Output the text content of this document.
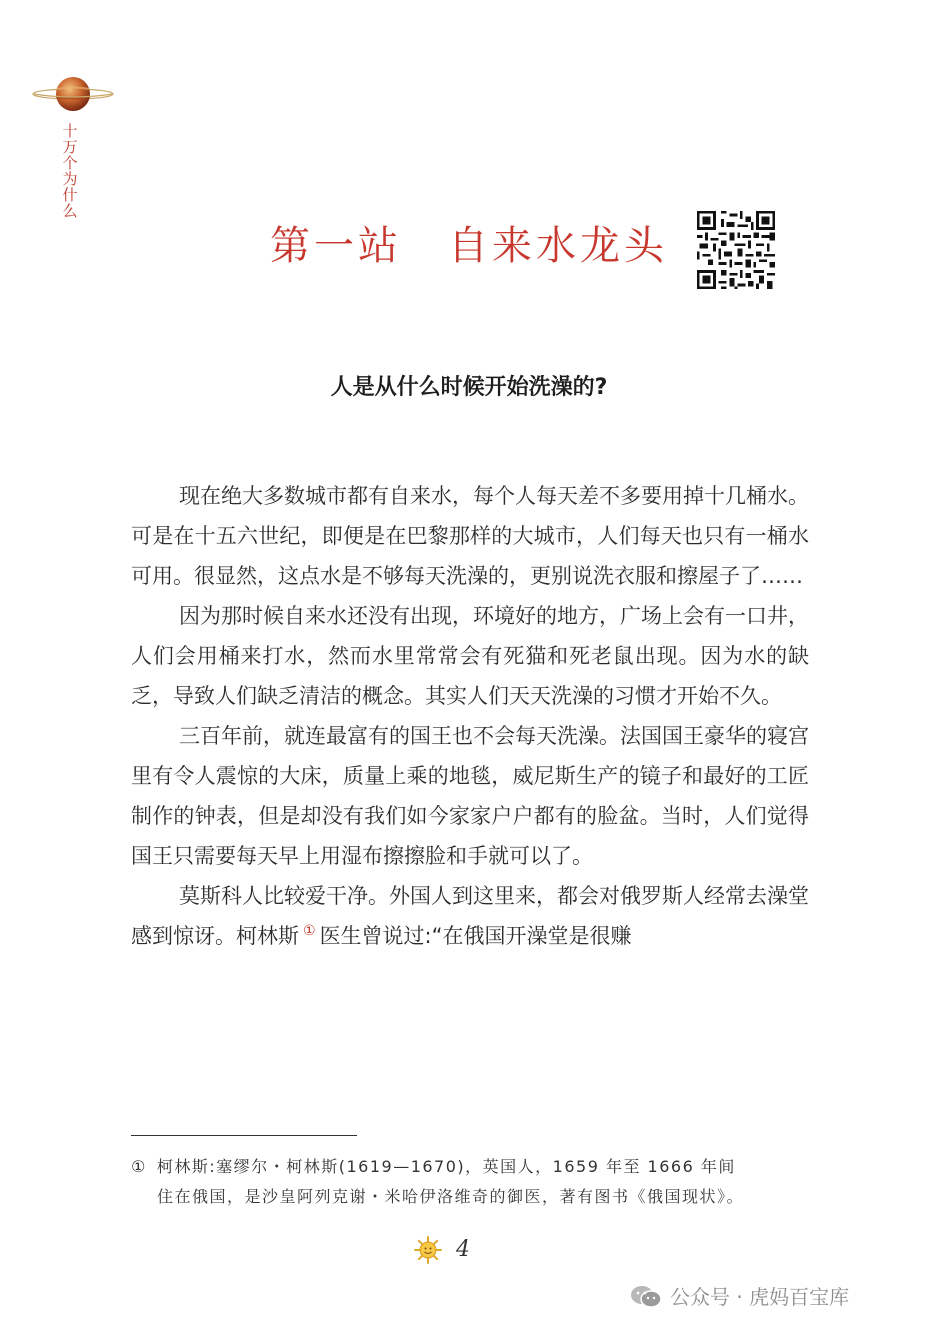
十万个为什么
第一站 自来水龙头
人是从什么时候开始洗澡的?

现在绝大多数城市都有自来水，每个人每天差不多要用掉十几桶水。可是在十五六世纪，即便是在巴黎那样的大城市，人们每天也只有一桶水可用。很显然，这点水是不够每天洗澡的，更别说洗衣服和擦屋子了……

因为那时候自来水还没有出现，环境好的地方，广场上会有一口井，人们会用桶来打水，然而水里常常会有死猫和死老鼠出现。因为水的缺乏，导致人们缺乏清洁的概念。其实人们天天洗澡的习惯才开始不久。

三百年前，就连最富有的国王也不会每天洗澡。法国国王豪华的寝宫里有令人震惊的大床，质量上乘的地毯，威尼斯生产的镜子和最好的工匠制作的钟表，但是却没有我们如今家家户户都有的脸盆。当时，人们觉得国王只需要每天早上用湿布擦擦脸和手就可以了。

莫斯科人比较爱干净。外国人到这里来，都会对俄罗斯人经常去澡堂感到惊讶。柯林斯 ① 医生曾说过:“在俄国开澡堂是很赚

① 柯林斯:塞缪尔・柯林斯(1619—1670)，英国人，1659 年至 1666 年间
住在俄国，是沙皇阿列克谢・米哈伊洛维奇的御医，著有图书《俄国现状》。
4
公众号 · 虎妈百宝库
